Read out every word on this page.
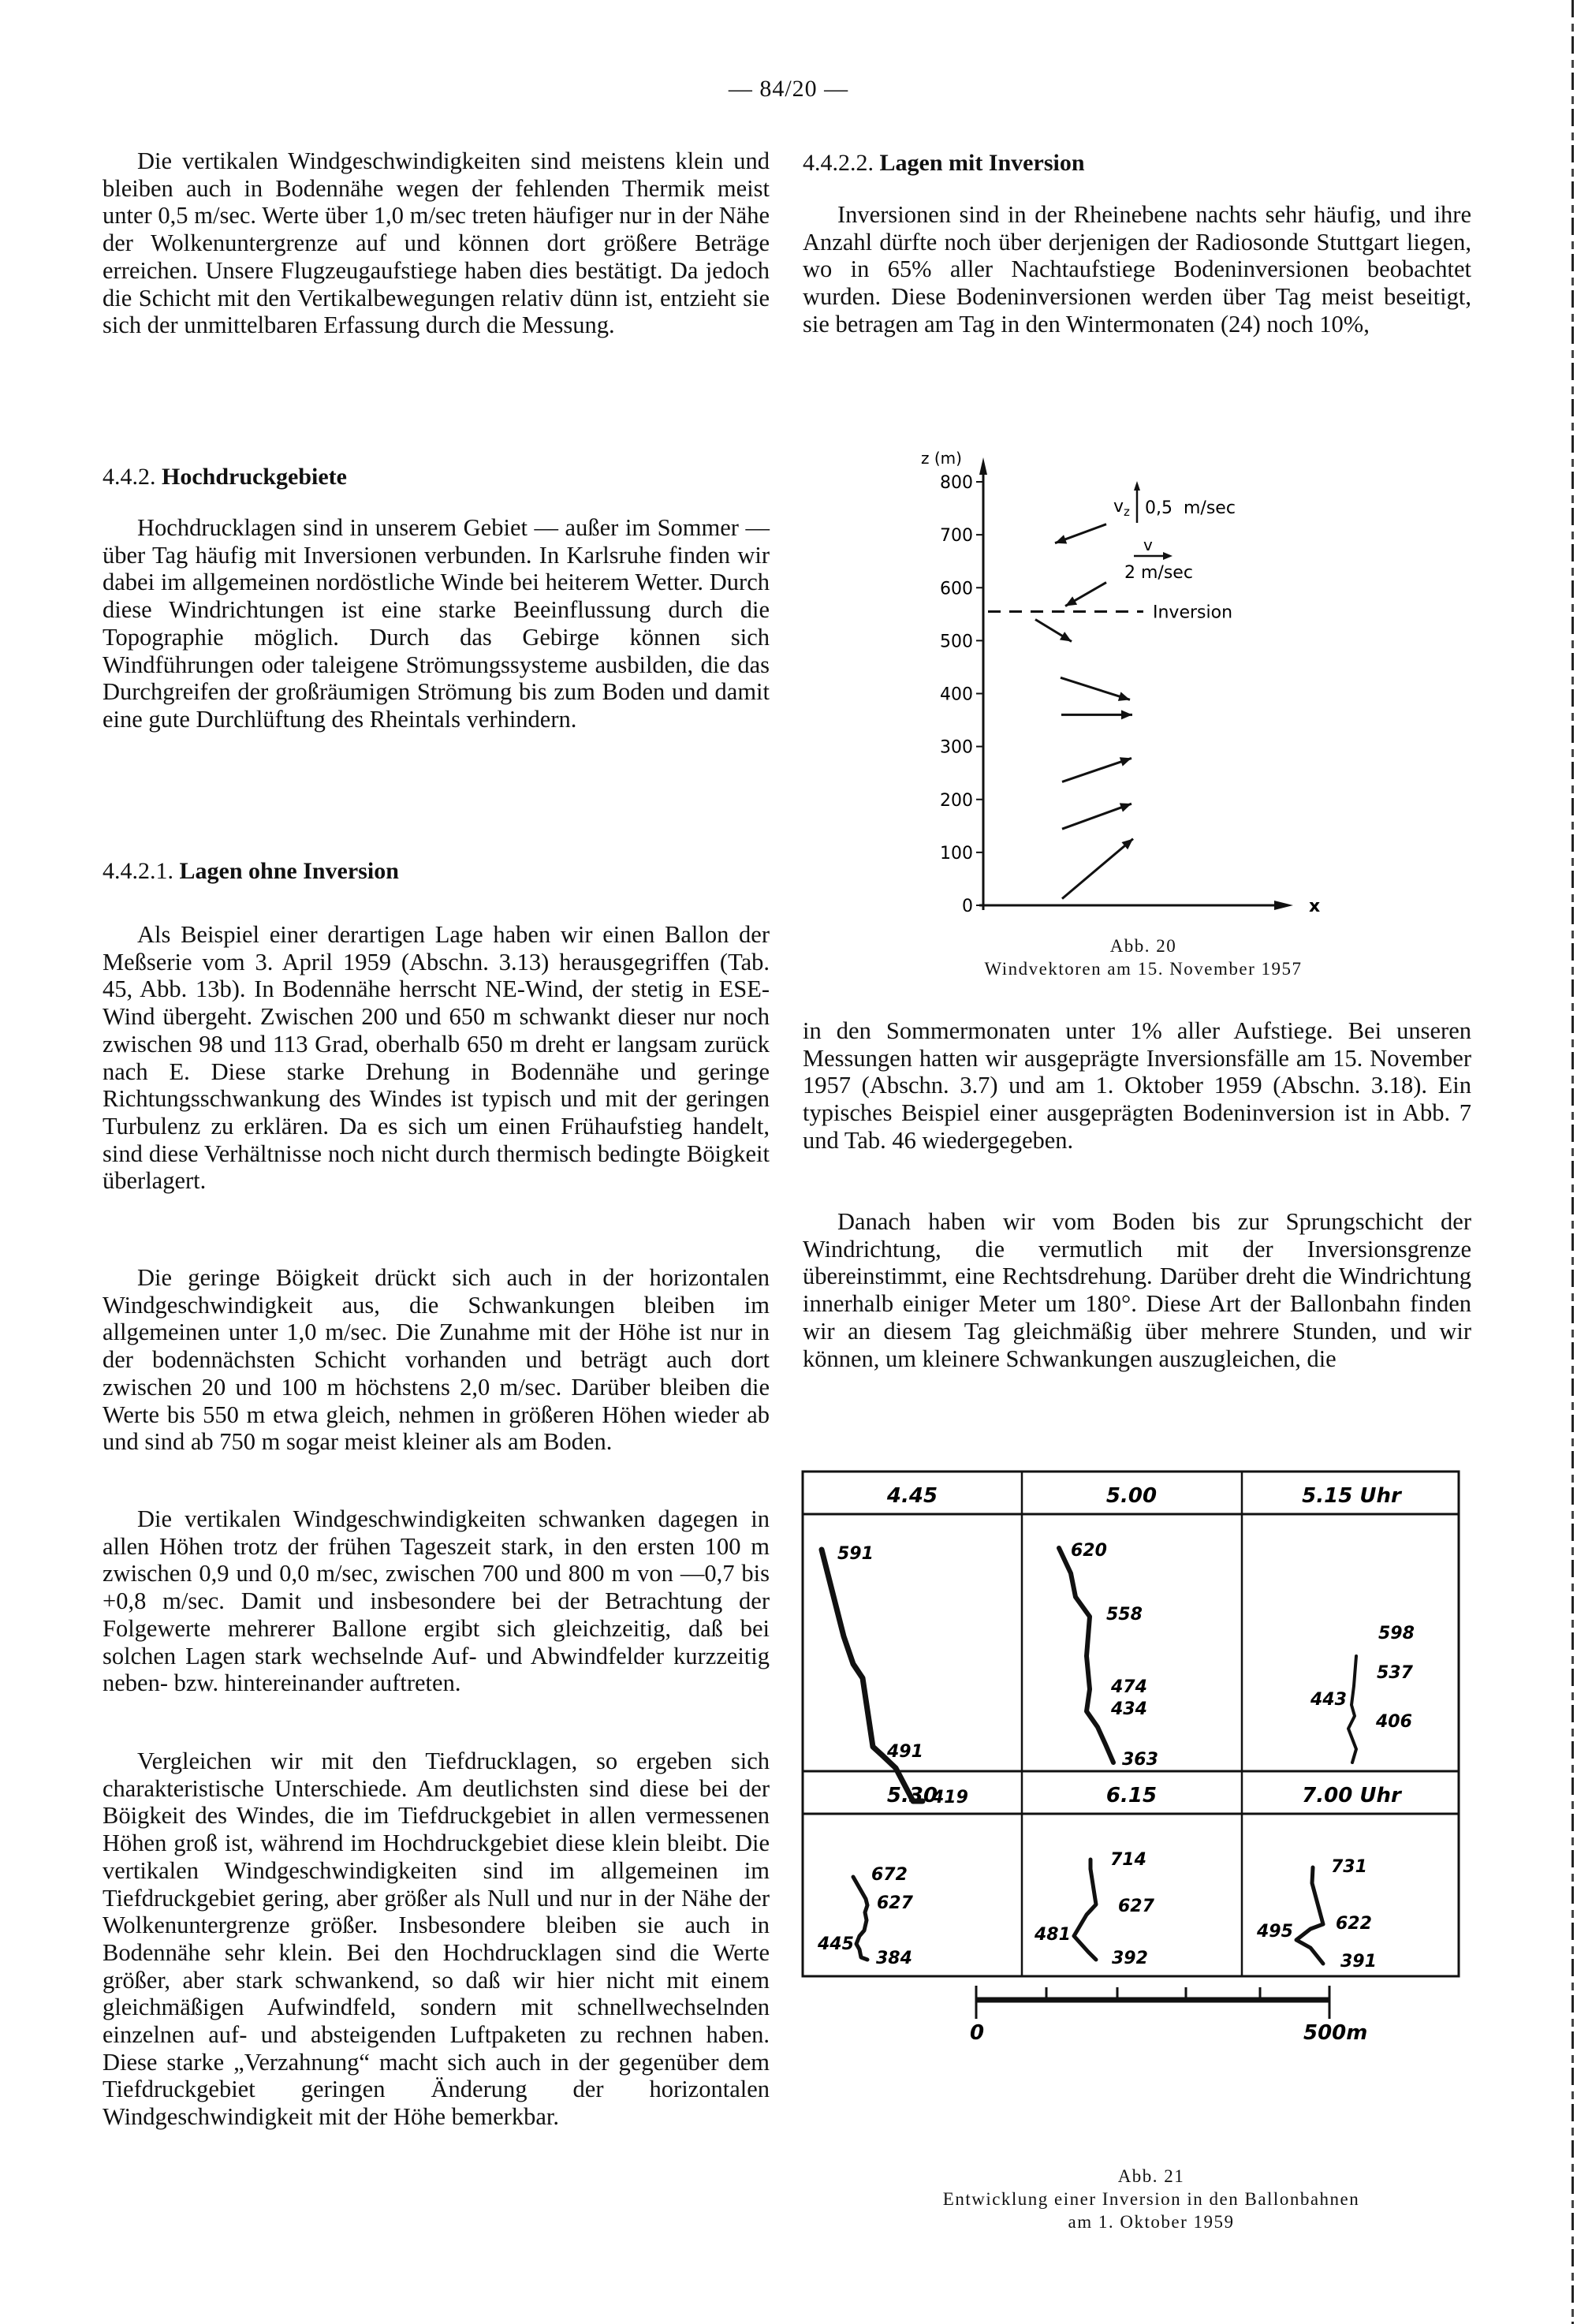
— 84/20 —

Die vertikalen Windgeschwindigkeiten sind meistens klein und bleiben auch in Bodennähe wegen der fehlenden Thermik meist unter 0,5 m/sec. Werte über 1,0 m/sec treten häufiger nur in der Nähe der Wolkenuntergrenze auf und können dort größere Beträge erreichen. Unsere Flugzeugaufstiege haben dies bestätigt. Da jedoch die Schicht mit den Vertikalbewegungen relativ dünn ist, entzieht sie sich der unmittelbaren Erfassung durch die Messung.

4.4.2. Hochdruckgebiete

Hochdrucklagen sind in unserem Gebiet — außer im Sommer — über Tag häufig mit Inversionen verbunden. In Karlsruhe finden wir dabei im allgemeinen nordöstliche Winde bei heiterem Wetter. Durch diese Windrichtungen ist eine starke Beeinflussung durch die Topographie möglich. Durch das Gebirge können sich Windführungen oder taleigene Strömungssysteme ausbilden, die das Durchgreifen der großräumigen Strömung bis zum Boden und damit eine gute Durchlüftung des Rheintals verhindern.

4.4.2.1. Lagen ohne Inversion

Als Beispiel einer derartigen Lage haben wir einen Ballon der Meßserie vom 3. April 1959 (Abschn. 3.13) herausgegriffen (Tab. 45, Abb. 13b). In Bodennähe herrscht NE-Wind, der stetig in ESE-Wind übergeht. Zwischen 200 und 650 m schwankt dieser nur noch zwischen 98 und 113 Grad, oberhalb 650 m dreht er langsam zurück nach E. Diese starke Drehung in Bodennähe und geringe Richtungsschwankung des Windes ist typisch und mit der geringen Turbulenz zu erklären. Da es sich um einen Frühaufstieg handelt, sind diese Verhältnisse noch nicht durch thermisch bedingte Böigkeit überlagert.

Die geringe Böigkeit drückt sich auch in der horizontalen Windgeschwindigkeit aus, die Schwankungen bleiben im allgemeinen unter 1,0 m/sec. Die Zunahme mit der Höhe ist nur in der bodennächsten Schicht vorhanden und beträgt auch dort zwischen 20 und 100 m höchstens 2,0 m/sec. Darüber bleiben die Werte bis 550 m etwa gleich, nehmen in größeren Höhen wieder ab und sind ab 750 m sogar meist kleiner als am Boden.

Die vertikalen Windgeschwindigkeiten schwanken dagegen in allen Höhen trotz der frühen Tageszeit stark, in den ersten 100 m zwischen 0,9 und 0,0 m/sec, zwischen 700 und 800 m von —0,7 bis +0,8 m/sec. Damit und insbesondere bei der Betrachtung der Folgewerte mehrerer Ballone ergibt sich gleichzeitig, daß bei solchen Lagen stark wechselnde Auf- und Abwindfelder kurzzeitig neben- bzw. hintereinander auftreten.

Vergleichen wir mit den Tiefdrucklagen, so ergeben sich charakteristische Unterschiede. Am deutlichsten sind diese bei der Böigkeit des Windes, die im Tiefdruckgebiet in allen vermessenen Höhen groß ist, während im Hochdruckgebiet diese klein bleibt. Die vertikalen Windgeschwindigkeiten sind im allgemeinen im Tiefdruckgebiet gering, aber größer als Null und nur in der Nähe der Wolkenuntergrenze größer. Insbesondere bleiben sie auch in Bodennähe sehr klein. Bei den Hochdrucklagen sind die Werte größer, aber stark schwankend, so daß wir hier nicht mit einem gleichmäßigen Aufwindfeld, sondern mit schnellwechselnden einzelnen auf- und absteigenden Luftpaketen zu rechnen haben. Diese starke „Verzahnung“ macht sich auch in der gegenüber dem Tiefdruckgebiet geringen Änderung der horizontalen Windgeschwindigkeit mit der Höhe bemerkbar.

4.4.2.2. Lagen mit Inversion

Inversionen sind in der Rheinebene nachts sehr häufig, und ihre Anzahl dürfte noch über derjenigen der Radiosonde Stuttgart liegen, wo in 65% aller Nachtaufstiege Bodeninversionen beobachtet wurden. Diese Bodeninversionen werden über Tag meist beseitigt, sie betragen am Tag in den Wintermonaten (24) noch 10%,

z (m)
x
0
100
200
300
400
500
600
700
800
Inversion
$v_z$ 0,5  m/sec
v
2 m/sec
Abb. 20
Windvektoren am 15. November 1957

in den Sommermonaten unter 1% aller Aufstiege. Bei unseren Messungen hatten wir ausgeprägte Inversionsfälle am 15. November 1957 (Abschn. 3.7) und am 1. Oktober 1959 (Abschn. 3.18). Ein typisches Beispiel einer ausgeprägten Bodeninversion ist in Abb. 7 und Tab. 46 wiedergegeben.

Danach haben wir vom Boden bis zur Sprungschicht der Windrichtung, die vermutlich mit der Inversionsgrenze übereinstimmt, eine Rechtsdrehung. Darüber dreht die Windrichtung innerhalb einiger Meter um 180°. Diese Art der Ballonbahn finden wir an diesem Tag gleichmäßig über mehrere Stunden, und wir können, um kleinere Schwankungen auszugleichen, die

4.45	5.00	5.15 Uhr
5.30	6.15	7.00 Uhr
591
491
419
620
558
474
434
363
598
537
443
406
672
627
445
384
714
627
481
392
731
622
495
391
0	500m
Abb. 21
Entwicklung einer Inversion in den Ballonbahnen
am 1. Oktober 1959
